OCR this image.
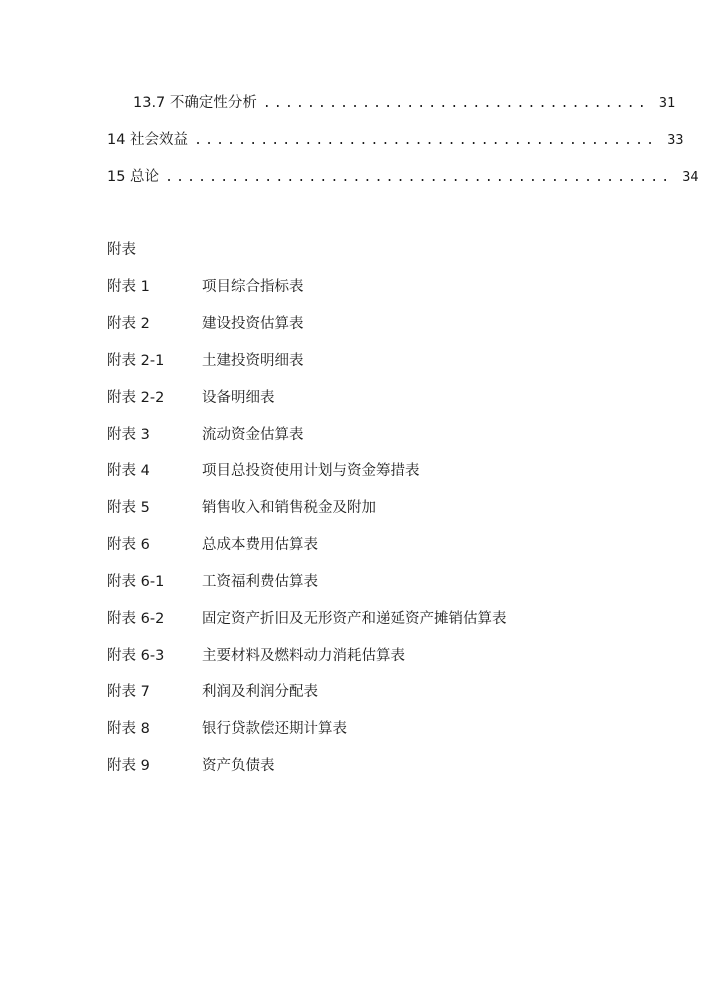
13.7 不确定性分析 ................................... 31
14 社会效益 .......................................... 33
15 总论 .............................................. 34
附表
附表 1	项目综合指标表
附表 2	建设投资估算表
附表 2-1	土建投资明细表
附表 2-2	设备明细表
附表 3	流动资金估算表
附表 4	项目总投资使用计划与资金筹措表
附表 5	销售收入和销售税金及附加
附表 6	总成本费用估算表
附表 6-1	工资福利费估算表
附表 6-2	固定资产折旧及无形资产和递延资产摊销估算表
附表 6-3	主要材料及燃料动力消耗估算表
附表 7	利润及利润分配表
附表 8	银行贷款偿还期计算表
附表 9	资产负债表
